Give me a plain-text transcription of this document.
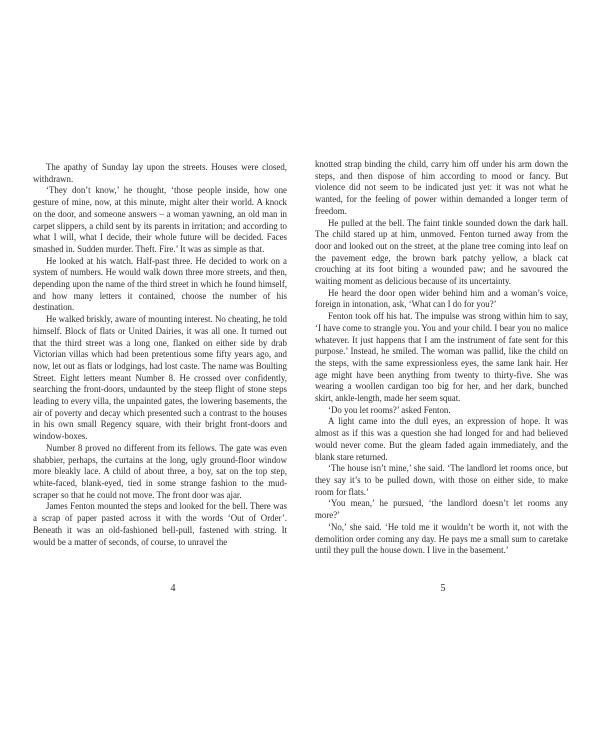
The apathy of Sunday lay upon the streets. Houses were closed, withdrawn.

‘They don’t know,’ he thought, ‘those people inside, how one gesture of mine, now, at this minute, might alter their world. A knock on the door, and someone answers – a woman yawning, an old man in carpet slippers, a child sent by its parents in irritation; and according to what I will, what I decide, their whole future will be decided. Faces smashed in. Sudden murder. Theft. Fire.’ It was as simple as that.

He looked at his watch. Half-past three. He decided to work on a system of numbers. He would walk down three more streets, and then, depending upon the name of the third street in which he found himself, and how many letters it contained, choose the number of his destination.

He walked briskly, aware of mounting interest. No cheating, he told himself. Block of flats or United Dairies, it was all one. It turned out that the third street was a long one, flanked on either side by drab Victorian villas which had been pretentious some fifty years ago, and now, let out as flats or lodgings, had lost caste. The name was Boulting Street. Eight letters meant Number 8. He crossed over confidently, searching the front-doors, undaunted by the steep flight of stone steps leading to every villa, the unpainted gates, the lowering basements, the air of poverty and decay which presented such a contrast to the houses in his own small Regency square, with their bright front-doors and window-boxes.

Number 8 proved no different from its fellows. The gate was even shabbier, perhaps, the curtains at the long, ugly ground-floor window more bleakly lace. A child of about three, a boy, sat on the top step, white-faced, blank-eyed, tied in some strange fashion to the mud-scraper so that he could not move. The front door was ajar.

James Fenton mounted the steps and looked for the bell. There was a scrap of paper pasted across it with the words ‘Out of Order’. Beneath it was an old-fashioned bell-pull, fastened with string. It would be a matter of seconds, of course, to unravel the

4

knotted strap binding the child, carry him off under his arm down the steps, and then dispose of him according to mood or fancy. But violence did not seem to be indicated just yet: it was not what he wanted, for the feeling of power within demanded a longer term of freedom.

He pulled at the bell. The faint tinkle sounded down the dark hall. The child stared up at him, unmoved. Fenton turned away from the door and looked out on the street, at the plane tree coming into leaf on the pavement edge, the brown bark patchy yellow, a black cat crouching at its foot biting a wounded paw; and he savoured the waiting moment as delicious because of its uncertainty.

He heard the door open wider behind him and a woman’s voice, foreign in intonation, ask, ‘What can I do for you?’

Fenton took off his hat. The impulse was strong within him to say, ‘I have come to strangle you. You and your child. I bear you no malice whatever. It just happens that I am the instrument of fate sent for this purpose.’ Instead, he smiled. The woman was pallid, like the child on the steps, with the same expressionless eyes, the same lank hair. Her age might have been anything from twenty to thirty-five. She was wearing a woollen cardigan too big for her, and her dark, bunched skirt, ankle-length, made her seem squat.

‘Do you let rooms?’ asked Fenton.

A light came into the dull eyes, an expression of hope. It was almost as if this was a question she had longed for and had believed would never come. But the gleam faded again immediately, and the blank stare returned.

‘The house isn’t mine,’ she said. ‘The landlord let rooms once, but they say it’s to be pulled down, with those on either side, to make room for flats.’

‘You mean,’ he pursued, ‘the landlord doesn’t let rooms any more?’

‘No,’ she said. ‘He told me it wouldn’t be worth it, not with the demolition order coming any day. He pays me a small sum to caretake until they pull the house down. I live in the basement.’

5
